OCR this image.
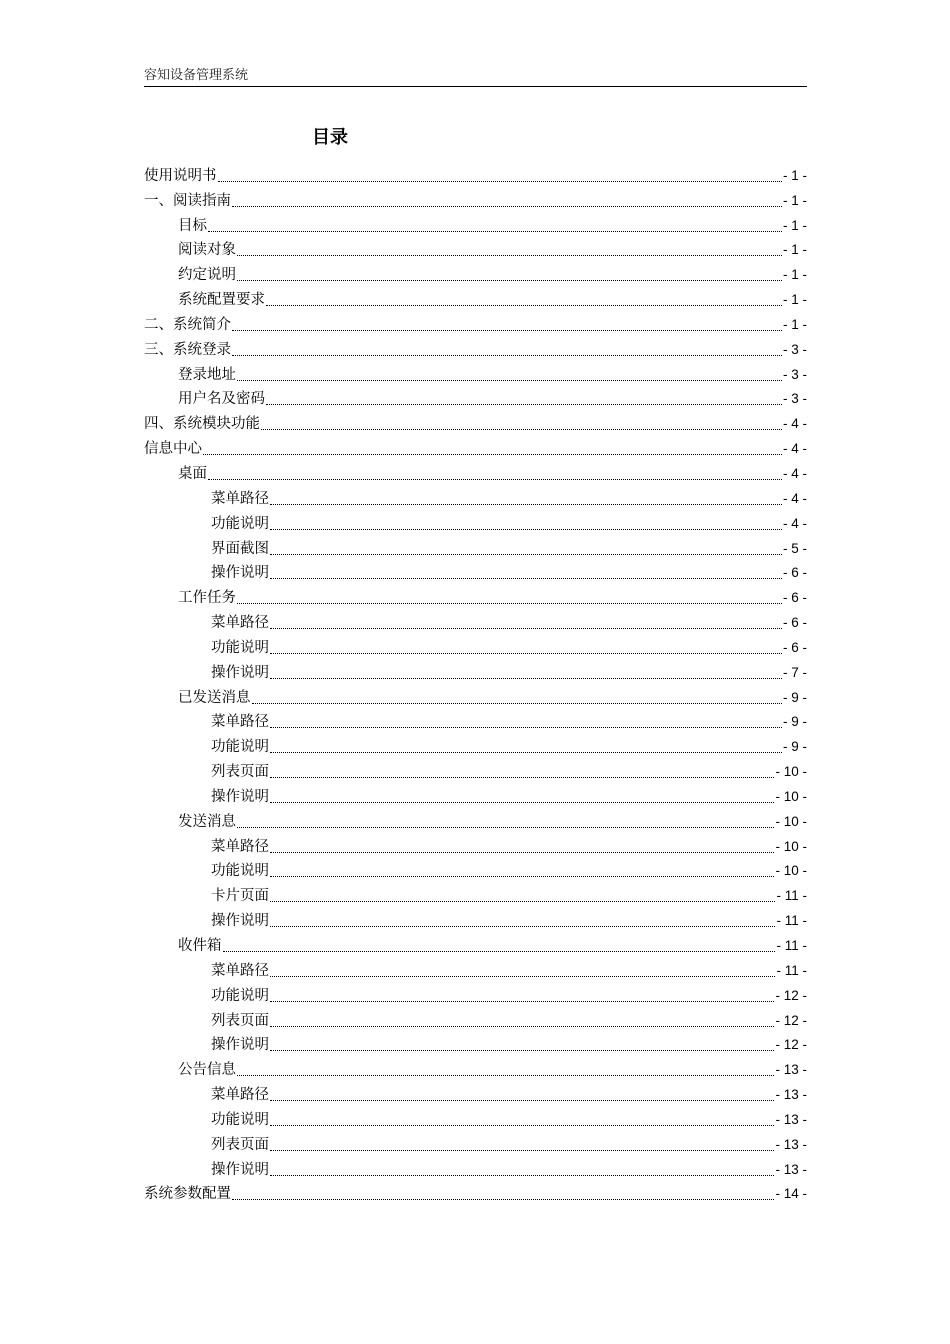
容知设备管理系统
目录
使用说明书	- 1 -
一、阅读指南	- 1 -
目标	- 1 -
阅读对象	- 1 -
约定说明	- 1 -
系统配置要求	- 1 -
二、系统简介	- 1 -
三、系统登录	- 3 -
登录地址	- 3 -
用户名及密码	- 3 -
四、系统模块功能	- 4 -
信息中心	- 4 -
桌面	- 4 -
菜单路径	- 4 -
功能说明	- 4 -
界面截图	- 5 -
操作说明	- 6 -
工作任务	- 6 -
菜单路径	- 6 -
功能说明	- 6 -
操作说明	- 7 -
已发送消息	- 9 -
菜单路径	- 9 -
功能说明	- 9 -
列表页面	- 10 -
操作说明	- 10 -
发送消息	- 10 -
菜单路径	- 10 -
功能说明	- 10 -
卡片页面	- 11 -
操作说明	- 11 -
收件箱	- 11 -
菜单路径	- 11 -
功能说明	- 12 -
列表页面	- 12 -
操作说明	- 12 -
公告信息	- 13 -
菜单路径	- 13 -
功能说明	- 13 -
列表页面	- 13 -
操作说明	- 13 -
系统参数配置	- 14 -
